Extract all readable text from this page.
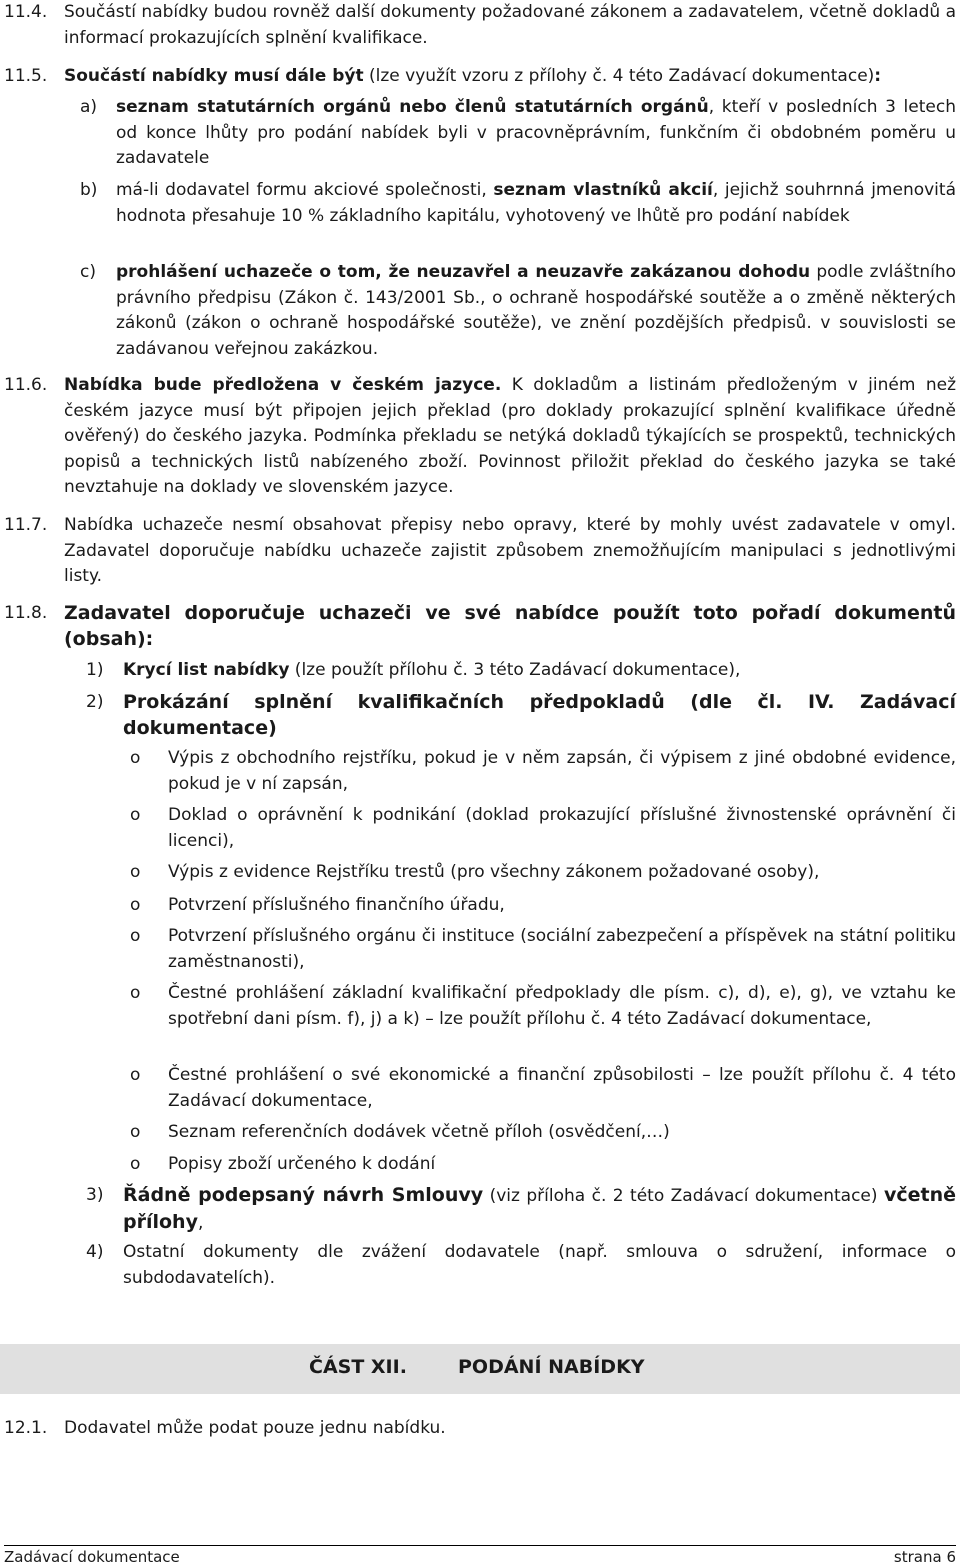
11.4. Součástí nabídky budou rovněž další dokumenty požadované zákonem a zadavatelem, včetně dokladů a informací prokazujících splnění kvalifikace.
11.5. Součástí nabídky musí dále být (lze využít vzoru z přílohy č. 4 této Zadávací dokumentace):
a) seznam statutárních orgánů nebo členů statutárních orgánů, kteří v posledních 3 letech od konce lhůty pro podání nabídek byli v pracovněprávním, funkčním či obdobném poměru u zadavatele
b) má-li dodavatel formu akciové společnosti, seznam vlastníků akcií, jejichž souhrnná jmenovitá hodnota přesahuje 10 % základního kapitálu, vyhotovený ve lhůtě pro podání nabídek
c) prohlášení uchazeče o tom, že neuzavřel a neuzavře zakázanou dohodu podle zvláštního právního předpisu (Zákon č. 143/2001 Sb., o ochraně hospodářské soutěže a o změně některých zákonů (zákon o ochraně hospodářské soutěže), ve znění pozdějších předpisů. v souvislosti se zadávanou veřejnou zakázkou.
11.6. Nabídka bude předložena v českém jazyce. K dokladům a listinám předloženým v jiném než českém jazyce musí být připojen jejich překlad (pro doklady prokazující splnění kvalifikace úředně ověřený) do českého jazyka. Podmínka překladu se netýká dokladů týkajících se prospektů, technických popisů a technických listů nabízeného zboží. Povinnost přiložit překlad do českého jazyka se také nevztahuje na doklady ve slovenském jazyce.
11.7. Nabídka uchazeče nesmí obsahovat přepisy nebo opravy, které by mohly uvést zadavatele v omyl. Zadavatel doporučuje nabídku uchazeče zajistit způsobem znemožňujícím manipulaci s jednotlivými listy.
11.8. Zadavatel doporučuje uchazeči ve své nabídce použít toto pořadí dokumentů (obsah):
1) Krycí list nabídky (lze použít přílohu č. 3 této Zadávací dokumentace),
2) Prokázání splnění kvalifikačních předpokladů (dle čl. IV. Zadávací dokumentace)
o Výpis z obchodního rejstříku, pokud je v něm zapsán, či výpisem z jiné obdobné evidence, pokud je v ní zapsán,
o Doklad o oprávnění k podnikání (doklad prokazující příslušné živnostenské oprávnění či licenci),
o Výpis z evidence Rejstříku trestů (pro všechny zákonem požadované osoby),
o Potvrzení příslušného finančního úřadu,
o Potvrzení příslušného orgánu či instituce (sociální zabezpečení a příspěvek na státní politiku zaměstnanosti),
o Čestné prohlášení základní kvalifikační předpoklady dle písm. c), d), e), g), ve vztahu ke spotřební dani písm. f), j) a k) – lze použít přílohu č. 4 této Zadávací dokumentace,
o Čestné prohlášení o své ekonomické a finanční způsobilosti – lze použít přílohu č. 4 této Zadávací dokumentace,
o Seznam referenčních dodávek včetně příloh (osvědčení,…)
o Popisy zboží určeného k dodání
3) Řádně podepsaný návrh Smlouvy (viz příloha č. 2 této Zadávací dokumentace) včetně přílohy,
4) Ostatní dokumenty dle zvážení dodavatele (např. smlouva o sdružení, informace o subdodavatelích).
ČÁST XII.	PODÁNÍ NABÍDKY
12.1. Dodavatel může podat pouze jednu nabídku.
Zadávací dokumentace	strana 6
